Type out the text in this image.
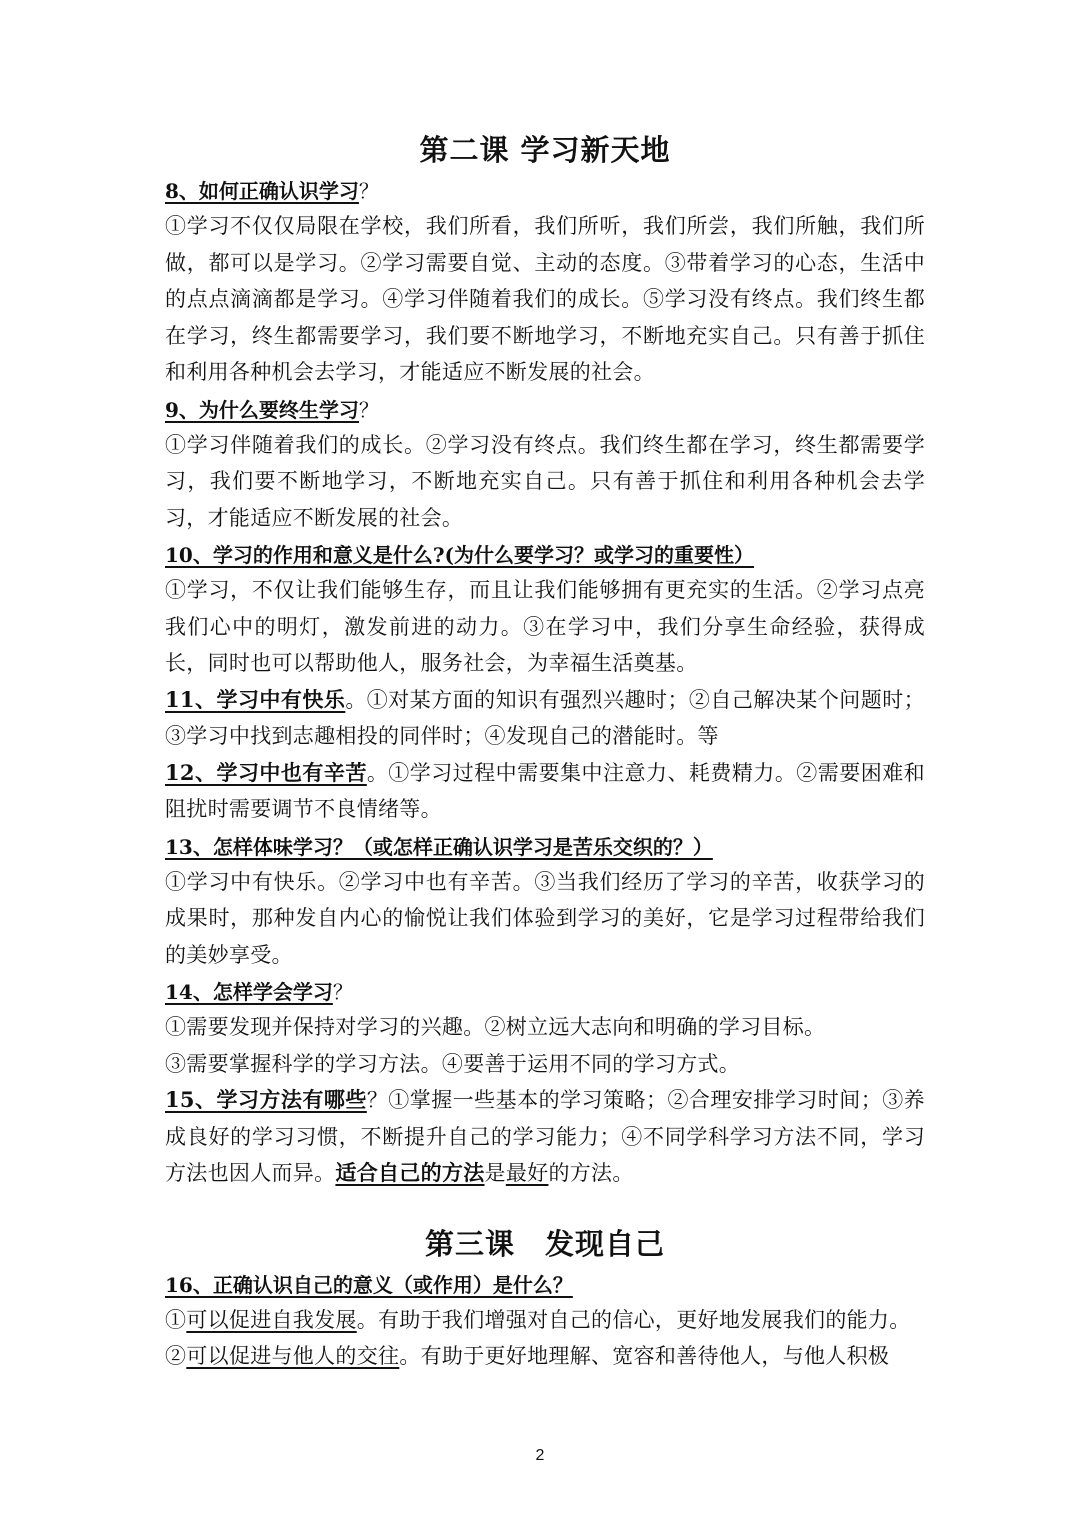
第二课 学习新天地
8、如何正确认识学习？

①学习不仅仅局限在学校，我们所看，我们所听，我们所尝，我们所触，我们所做，都可以是学习。②学习需要自觉、主动的态度。③带着学习的心态，生活中的点点滴滴都是学习。④学习伴随着我们的成长。⑤学习没有终点。我们终生都在学习，终生都需要学习，我们要不断地学习，不断地充实自己。只有善于抓住和利用各种机会去学习，才能适应不断发展的社会。

9、为什么要终生学习？

①学习伴随着我们的成长。②学习没有终点。我们终生都在学习，终生都需要学习，我们要不断地学习，不断地充实自己。只有善于抓住和利用各种机会去学习，才能适应不断发展的社会。

10、学习的作用和意义是什么?(为什么要学习？或学习的重要性）

①学习，不仅让我们能够生存，而且让我们能够拥有更充实的生活。②学习点亮我们心中的明灯，激发前进的动力。③在学习中，我们分享生命经验，获得成长，同时也可以帮助他人，服务社会，为幸福生活奠基。

11、学习中有快乐。①对某方面的知识有强烈兴趣时；②自己解决某个问题时；③学习中找到志趣相投的同伴时；④发现自己的潜能时。等

12、学习中也有辛苦。①学习过程中需要集中注意力、耗费精力。②需要困难和阻扰时需要调节不良情绪等。

13、怎样体味学习？（或怎样正确认识学习是苦乐交织的？）

①学习中有快乐。②学习中也有辛苦。③当我们经历了学习的辛苦，收获学习的成果时，那种发自内心的愉悦让我们体验到学习的美好，它是学习过程带给我们的美妙享受。

14、怎样学会学习？

①需要发现并保持对学习的兴趣。②树立远大志向和明确的学习目标。

③需要掌握科学的学习方法。④要善于运用不同的学习方式。

15、学习方法有哪些？①掌握一些基本的学习策略；②合理安排学习时间；③养成良好的学习习惯，不断提升自己的学习能力；④不同学科学习方法不同，学习方法也因人而异。适合自己的方法是最好的方法。

第三课　发现自己
16、正确认识自己的意义（或作用）是什么？

①可以促进自我发展。有助于我们增强对自己的信心，更好地发展我们的能力。

②可以促进与他人的交往。有助于更好地理解、宽容和善待他人，与他人积极

2
